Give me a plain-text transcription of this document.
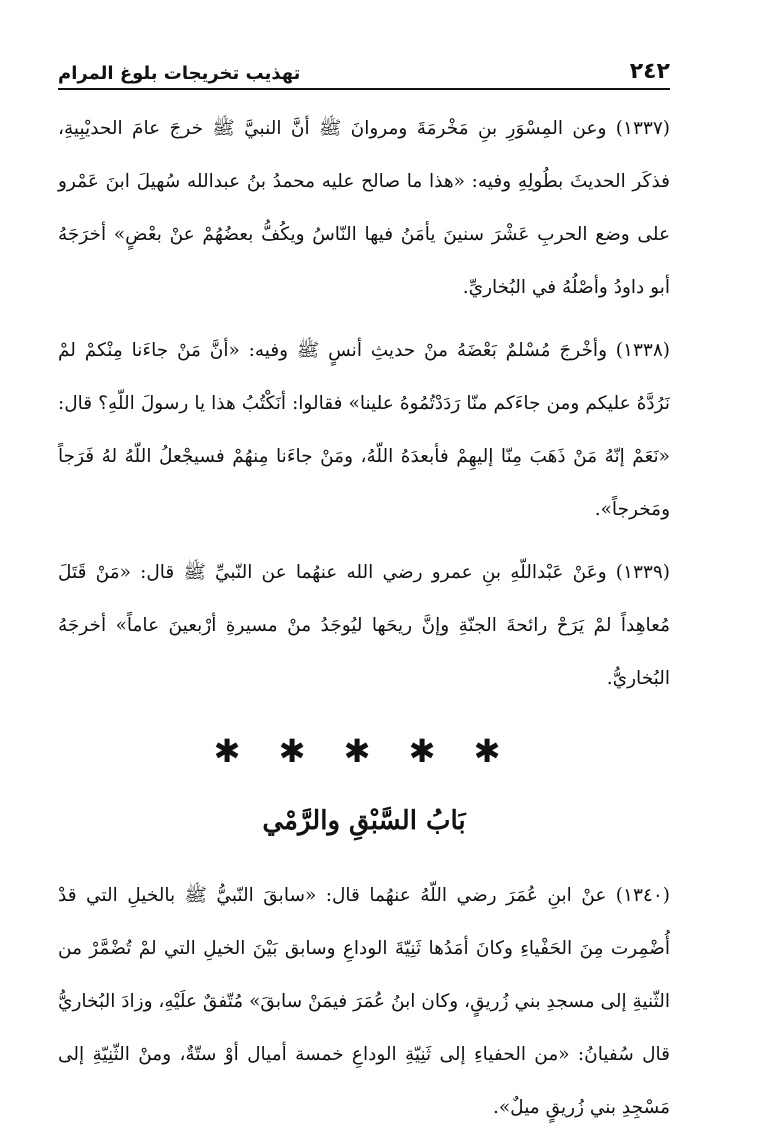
٢٤٢
تهذيب تخريجات بلوغ المرام

(١٣٣٧) وعن المِسْوَرِ بنِ مَخْرمَةَ ومروانَ ﷺ أنَّ النبيَّ ﷺ خرجَ عامَ الحديْبِيةِ، فذكَر الحديثَ بطُولِهِ وفيه: «هذا ما صالح عليه محمدُ بنُ عبدالله سُهيلَ ابنَ عَمْرو على وضع الحربِ عَشْرَ سنينَ يأمَنُ فيها النّاسُ ويكُفُّ بعضُهُمْ عنْ بعْضٍ» أخرَجَهُ أبو داودُ وأصْلُهُ في البُخاريِّ.

(١٣٣٨) وأخْرجَ مُسْلمٌ بَعْضَهُ منْ حديثِ أنسٍ ﷺ وفيه: «أنَّ مَنْ جاءَنا مِنْكمْ لمْ نَرُدَّهُ عليكم ومن جاءَكم منّا رَدَدْتُمُوهُ علينا» فقالوا: أنَكْتُبُ هذا يا رسولَ اللّهِ؟ قال: «نَعَمْ إنّهُ مَنْ ذَهَبَ مِنّا إليهِمْ فأبعدَهُ اللّهُ، ومَنْ جاءَنا مِنهُمْ فسيجْعلُ اللّهُ لهُ فَرَجاً ومَخرجاً».

(١٣٣٩) وعَنْ عَبْداللّهِ بنِ عمرو رضي الله عنهُما عن النّبيِّ ﷺ قال: «مَنْ قَتَلَ مُعاهِداً لمْ يَرَحْ رائحةَ الجنّةِ وإنَّ ريحَها ليُوجَدُ منْ مسيرةِ أرْبعينَ عاماً» أخرجَهُ البُخاريُّ.

✱ ✱ ✱ ✱ ✱
بَابُ السَّبْقِ والرَّمْي

(١٣٤٠) عنْ ابنِ عُمَرَ رضي اللّهُ عنهُما قال: «سابقَ النّبيُّ ﷺ بالخيلِ التي قدْ أُضْمِرت مِنَ الحَفْياءِ وكانَ أمَدُها ثَنِيّةَ الوداعِ وسابق بَيْنَ الخيلِ التي لمْ تُضْمَّرْ من الثّنيةِ إلى مسجدِ بني زُريقٍ، وكان ابنُ عُمَرَ فيمَنْ سابقَ» مُتّفقٌ علَيْهِ، وزادَ البُخاريُّ قال سُفيانُ: «من الحفياءِ إلى ثَنِيّةِ الوداعِ خمسة أميال أوْ ستّةٌ، ومنْ الثّنِيّةِ إلى مَسْجِدِ بني زُريقٍ ميلٌ».
